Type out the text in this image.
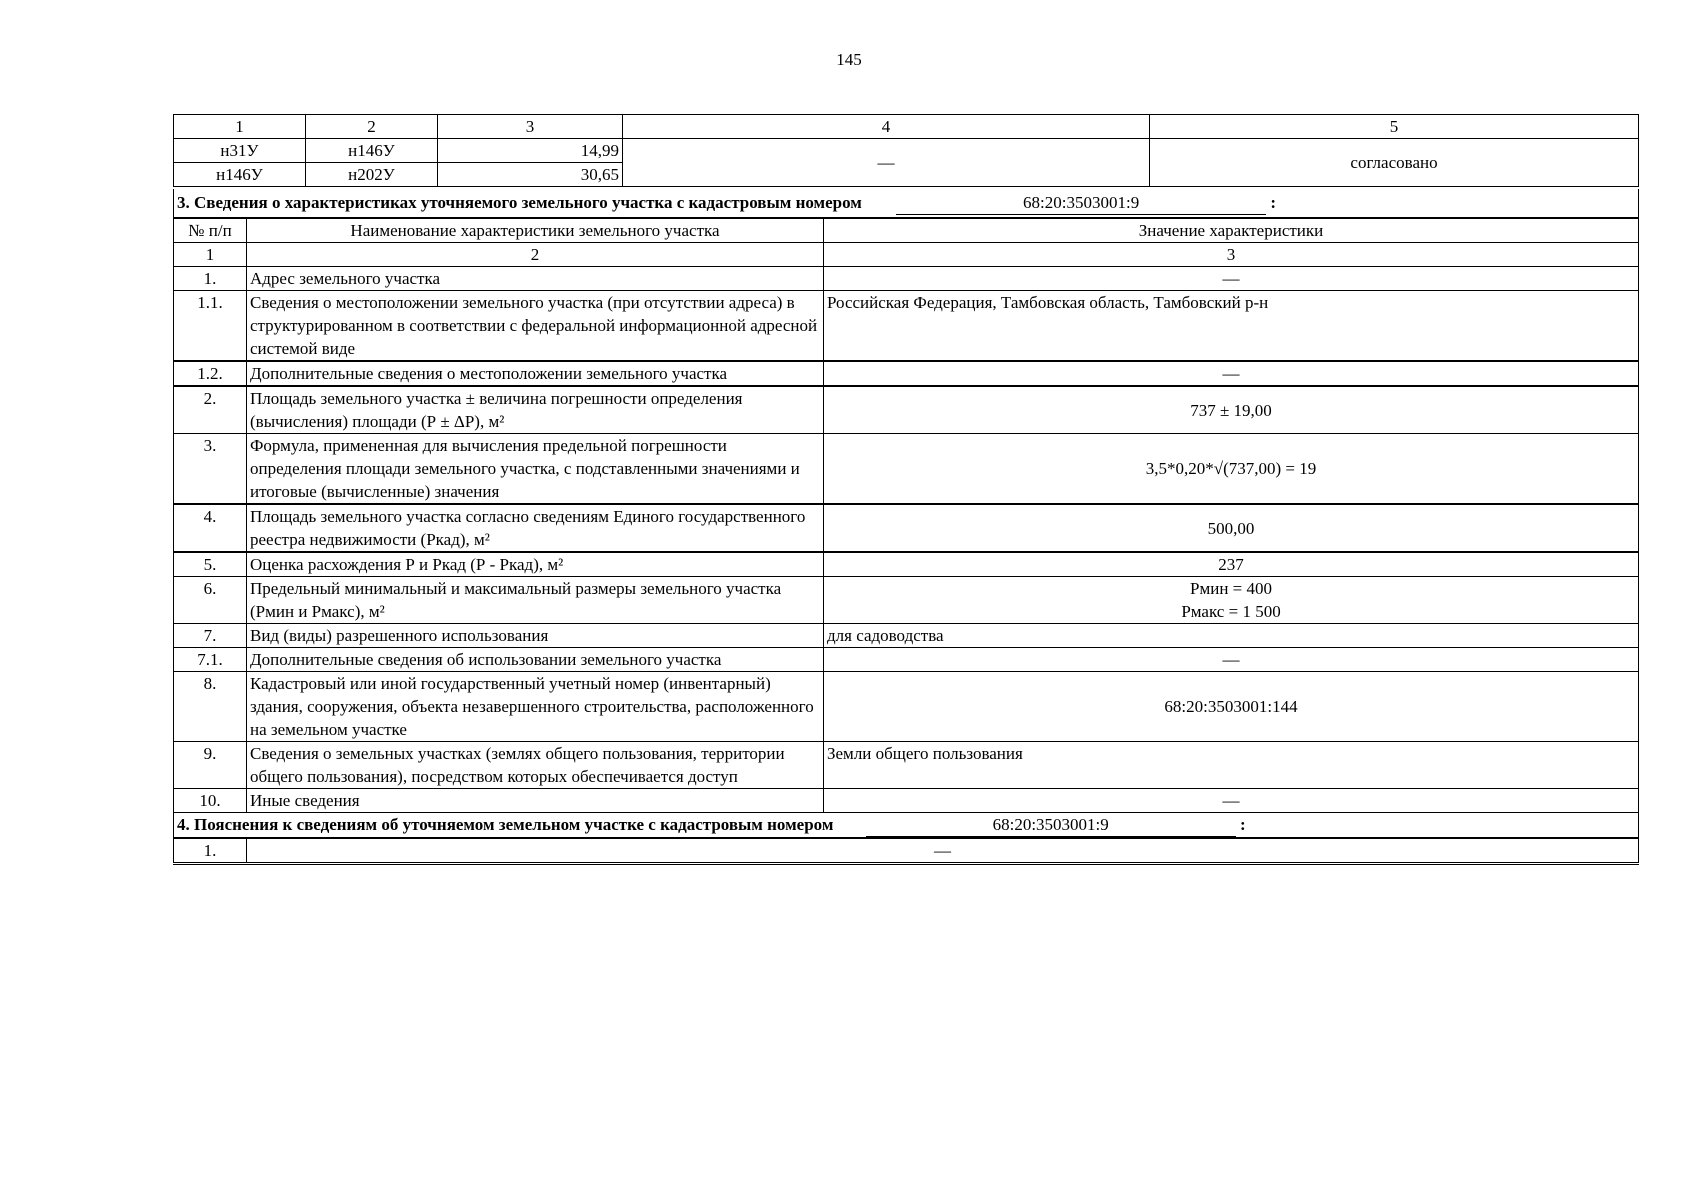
145
1	2	3	4	5
н31У	н146У	14,99	—	согласовано
н146У	н202У	30,65		
3. Сведения о характеристиках уточняемого земельного участка с кадастровым номером 68:20:3503001:9 :		
№ п/п	Наименование характеристики земельного участка	Значение характеристики
1	2	3
1.	Адрес земельного участка	—
1.1.	Сведения о местоположении земельного участка (при отсутствии адреса) в структурированном в соответствии с федеральной информационной адресной системой виде	Российская Федерация, Тамбовская область, Тамбовский р-н
1.2.	Дополнительные сведения о местоположении земельного участка	—
2.	Площадь земельного участка ± величина погрешности определения (вычисления) площади (Р ± ΔР), м²	737 ± 19,00
3.	Формула, примененная для вычисления предельной погрешности определения площади земельного участка, с подставленными значениями и итоговые (вычисленные) значения	3,5*0,20*√(737,00) = 19
4.	Площадь земельного участка согласно сведениям Единого государственного реестра недвижимости (Ркад), м²	500,00
5.	Оценка расхождения Р и Ркад (Р - Ркад), м²	237
6.	Предельный минимальный и максимальный размеры земельного участка (Рмин и Рмакс), м²	Рмин = 400
Рмакс = 1 500

7.	Вид (виды) разрешенного использования	для садоводства
7.1.	Дополнительные сведения об использовании земельного участка	—
8.	Кадастровый или иной государственный учетный номер (инвентарный) здания, сооружения, объекта незавершенного строительства, расположенного на земельном участке	68:20:3503001:144
9.	Сведения о земельных участках (землях общего пользования, территории общего пользования), посредством которых обеспечивается доступ	Земли общего пользования
10.	Иные сведения	—
4. Пояснения к сведениям об уточняемом земельном участке с кадастровым номером 68:20:3503001:9 :		
1.	—	
